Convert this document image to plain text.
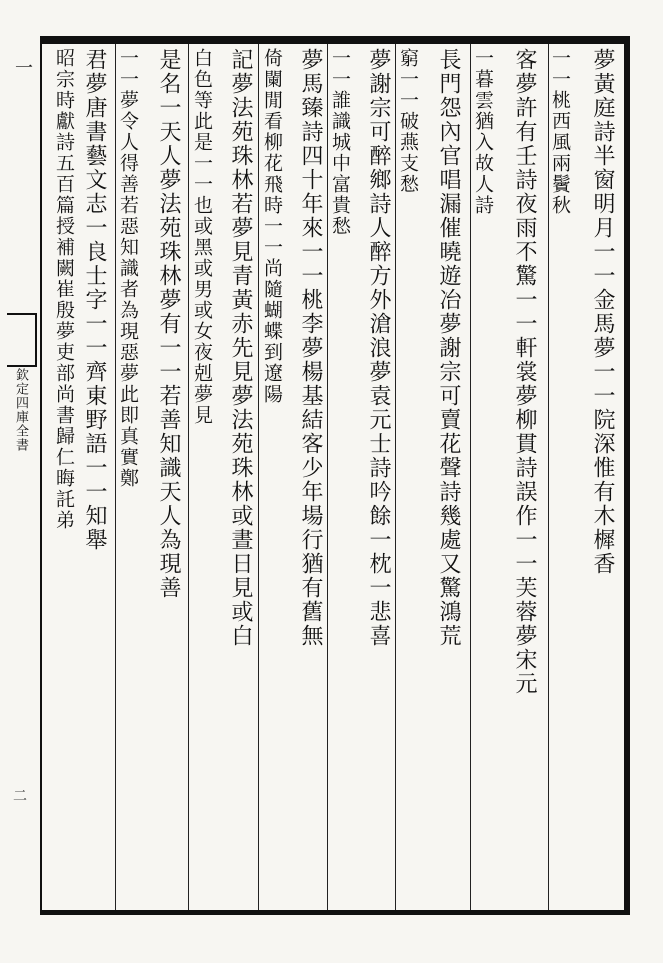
一
欽定四庫全書
二
夢黃庭詩半窗明月一一金馬夢一一院深惟有木樨香
一一桃西風兩鬢秋
客夢許有壬詩夜雨不驚一一軒裳夢柳貫詩誤作一一芙蓉夢宋元
一暮雲猶入故人詩
長門怨內官唱漏催曉遊冶夢謝宗可賣花聲詩幾處又驚鴻荒
窮一一破燕支愁
夢謝宗可醉鄉詩人醉方外滄浪夢袁元士詩吟餘一枕一悲喜
一一誰識城中富貴愁
夢馬臻詩四十年來一一桃李夢楊基結客少年場行猶有舊無
倚闌閒看柳花飛時一一尚隨蝴蝶到遼陽
記夢法苑珠林若夢見青黃赤先見夢法苑珠林或晝日見或白
白色等此是一一也或黑或男或女夜剋夢見
是名一天人夢法苑珠林夢有一一若善知識天人為現善
一一夢令人得善若惡知識者為現惡夢此即真實鄭
君夢唐書藝文志一良士字一一齊東野語一一知舉
昭宗時獻詩五百篇授補闕崔殷夢吏部尚書歸仁晦託弟
